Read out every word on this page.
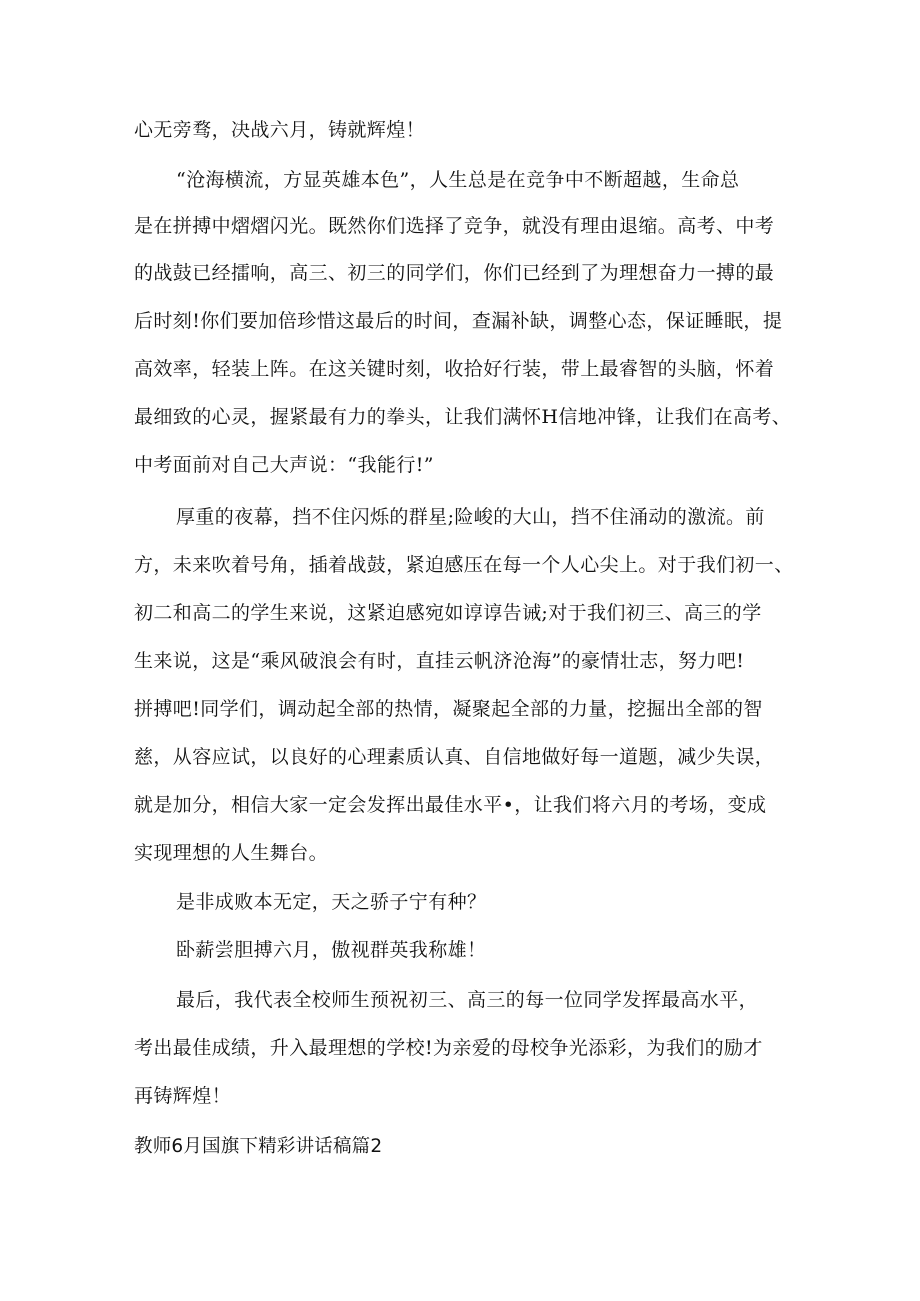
心无旁骛，决战六月，铸就辉煌！
“沧海横流，方显英雄本色”，人生总是在竞争中不断超越，生命总
是在拼搏中熠熠闪光。既然你们选择了竞争，就没有理由退缩。高考、中考
的战鼓已经擂响，高三、初三的同学们，你们已经到了为理想奋力一搏的最
后时刻!你们要加倍珍惜这最后的时间，查漏补缺，调整心态，保证睡眠，提
高效率，轻装上阵。在这关键时刻，收拾好行装，带上最睿智的头脑，怀着
最细致的心灵，握紧最有力的拳头，让我们满怀H信地冲锋，让我们在高考、
中考面前对自己大声说：“我能行!”
厚重的夜幕，挡不住闪烁的群星;险峻的大山，挡不住涌动的激流。前
方，未来吹着号角，插着战鼓，紧迫感压在每一个人心尖上。对于我们初一、
初二和高二的学生来说，这紧迫感宛如谆谆告诫;对于我们初三、高三的学
生来说，这是“乘风破浪会有时，直挂云帆济沧海”的豪情壮志，努力吧!
拼搏吧!同学们，调动起全部的热情，凝聚起全部的力量，挖掘出全部的智
慈，从容应试，以良好的心理素质认真、自信地做好每一道题，减少失误，
就是加分，相信大家一定会发挥出最佳水平•，让我们将六月的考场，变成
实现理想的人生舞台。
是非成败本无定，天之骄子宁有种？
卧薪尝胆搏六月，傲视群英我称雄！
最后，我代表全校师生预祝初三、高三的每一位同学发挥最高水平，
考出最佳成绩，升入最理想的学校!为亲爱的母校争光添彩，为我们的励才
再铸辉煌！
教师6月国旗下精彩讲话稿篇2
